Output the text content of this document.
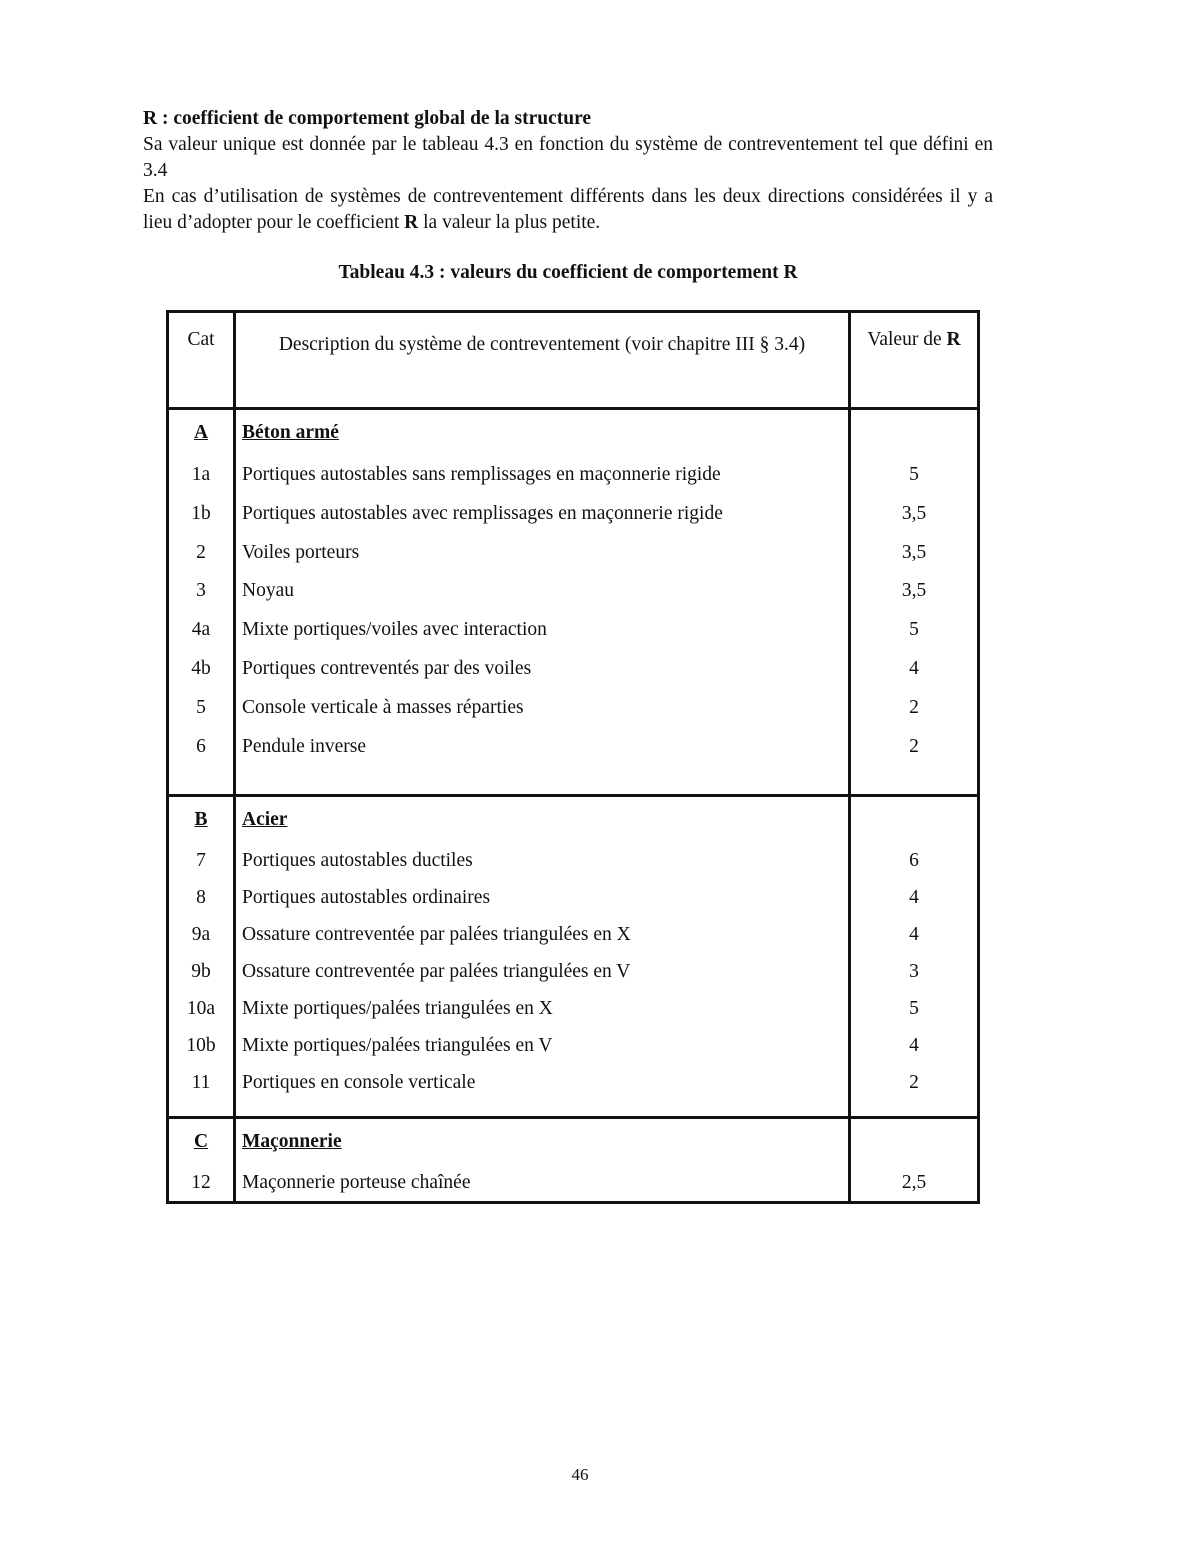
R : coefficient de comportement global de la structure

Sa valeur unique est donnée par le tableau 4.3 en fonction du système de contreventement tel que défini en 3.4

En cas d’utilisation de systèmes de contreventement différents dans les deux directions considérées il y a lieu d’adopter pour le coefficient R la valeur la plus petite.

Tableau 4.3 : valeurs du coefficient de comportement R
Cat	Description du système de contreventement (voir chapitre III § 3.4)	Valeur de R

A	Béton armé	
1a	Portiques autostables sans remplissages en maçonnerie rigide	5
1b	Portiques autostables avec remplissages en maçonnerie rigide	3,5
2	Voiles porteurs	3,5
3	Noyau	3,5
4a	Mixte portiques/voiles avec interaction	5
4b	Portiques contreventés par des voiles	4
5	Console verticale à masses réparties	2
6	Pendule inverse	2

B	Acier	
7	Portiques autostables ductiles	6
8	Portiques autostables ordinaires	4
9a	Ossature contreventée par palées triangulées en X	4
9b	Ossature contreventée par palées triangulées en V	3
10a	Mixte portiques/palées triangulées en X	5
10b	Mixte portiques/palées triangulées en V	4
11	Portiques en console verticale	2

C	Maçonnerie	
12	Maçonnerie porteuse chaînée	2,5
46
